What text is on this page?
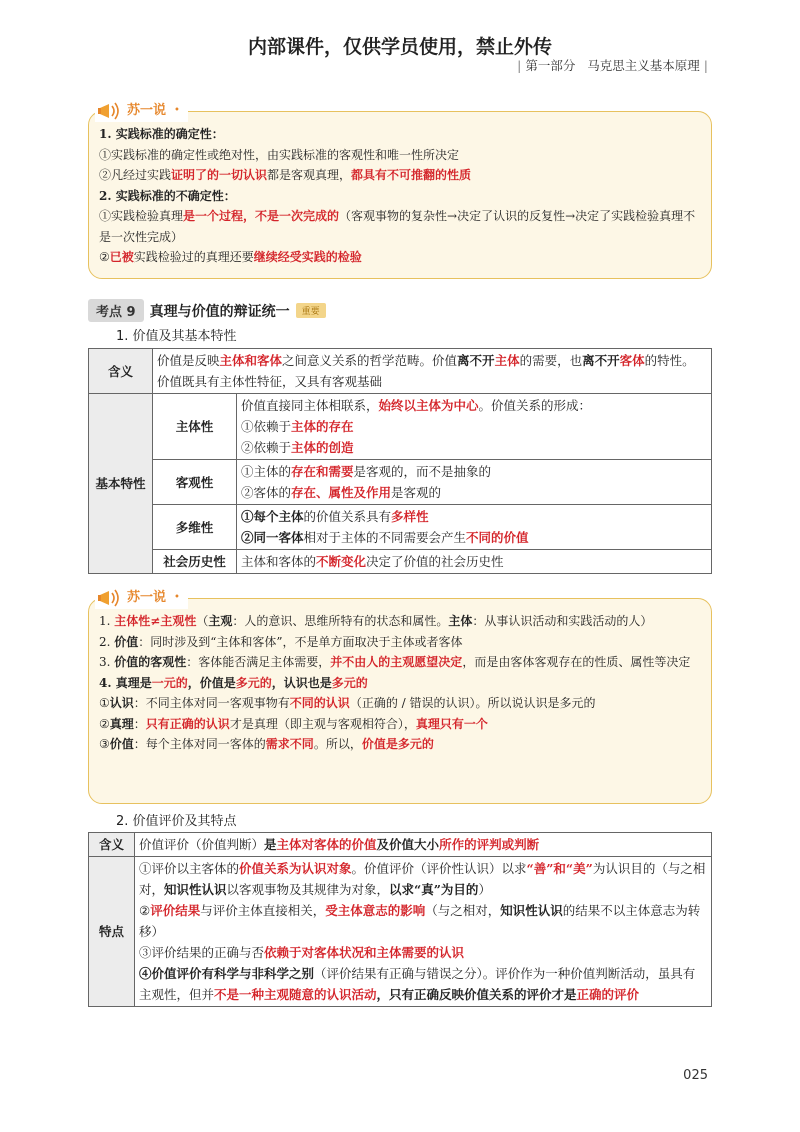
内部课件，仅供学员使用，禁止外传
| 第一部分 马克思主义基本原理 |
苏一说 •

1. 实践标准的确定性：

①实践标准的确定性或绝对性，由实践标准的客观性和唯一性所决定

②凡经过实践证明了的一切认识都是客观真理，都具有不可推翻的性质

2. 实践标准的不确定性：

①实践检验真理是一个过程，不是一次完成的（客观事物的复杂性→决定了认识的反复性→决定了实践检验真理不是一次性完成）

②已被实践检验过的真理还要继续经受实践的检验

考点 9	真理与价值的辩证统一	重要
1. 价值及其基本特性
含义	价值是反映主体和客体之间意义关系的哲学范畴。价值离不开主体的需要，也离不开客体的特性。价值既具有主体性特征，又具有客观基础	
基本特性	主体性	价值直接同主体相联系，始终以主体为中心。价值关系的形成：
①依赖于主体的存在
②依赖于主体的创造

	客观性	①主体的存在和需要是客观的，而不是抽象的
②客体的存在、属性及作用是客观的

	多维性	①每个主体的价值关系具有多样性
②同一客体相对于主体的不同需要会产生不同的价值

	社会历史性	主体和客体的不断变化决定了价值的社会历史性
苏一说 •

1. 主体性≠主观性（主观：人的意识、思维所特有的状态和属性。主体：从事认识活动和实践活动的人）

2. 价值：同时涉及到“主体和客体”，不是单方面取决于主体或者客体

3. 价值的客观性：客体能否满足主体需要，并不由人的主观愿望决定，而是由客体客观存在的性质、属性等决定

4. 真理是一元的，价值是多元的，认识也是多元的

①认识：不同主体对同一客观事物有不同的认识（正确的 / 错误的认识）。所以说认识是多元的

②真理：只有正确的认识才是真理（即主观与客观相符合），真理只有一个

③价值：每个主体对同一客体的需求不同。所以，价值是多元的

2. 价值评价及其特点
含义	价值评价（价值判断）是主体对客体的价值及价值大小所作的评判或判断
特点	①评价以主客体的价值关系为认识对象。价值评价（评价性认识）以求“善”和“美”为认识目的（与之相对，知识性认识以客观事物及其规律为对象，以求“真”为目的）
②评价结果与评价主体直接相关，受主体意志的影响（与之相对，知识性认识的结果不以主体意志为转移）
③评价结果的正确与否依赖于对客体状况和主体需要的认识
④价值评价有科学与非科学之别（评价结果有正确与错误之分）。评价作为一种价值判断活动，虽具有主观性，但并不是一种主观随意的认识活动，只有正确反映价值关系的评价才是正确的评价
025
